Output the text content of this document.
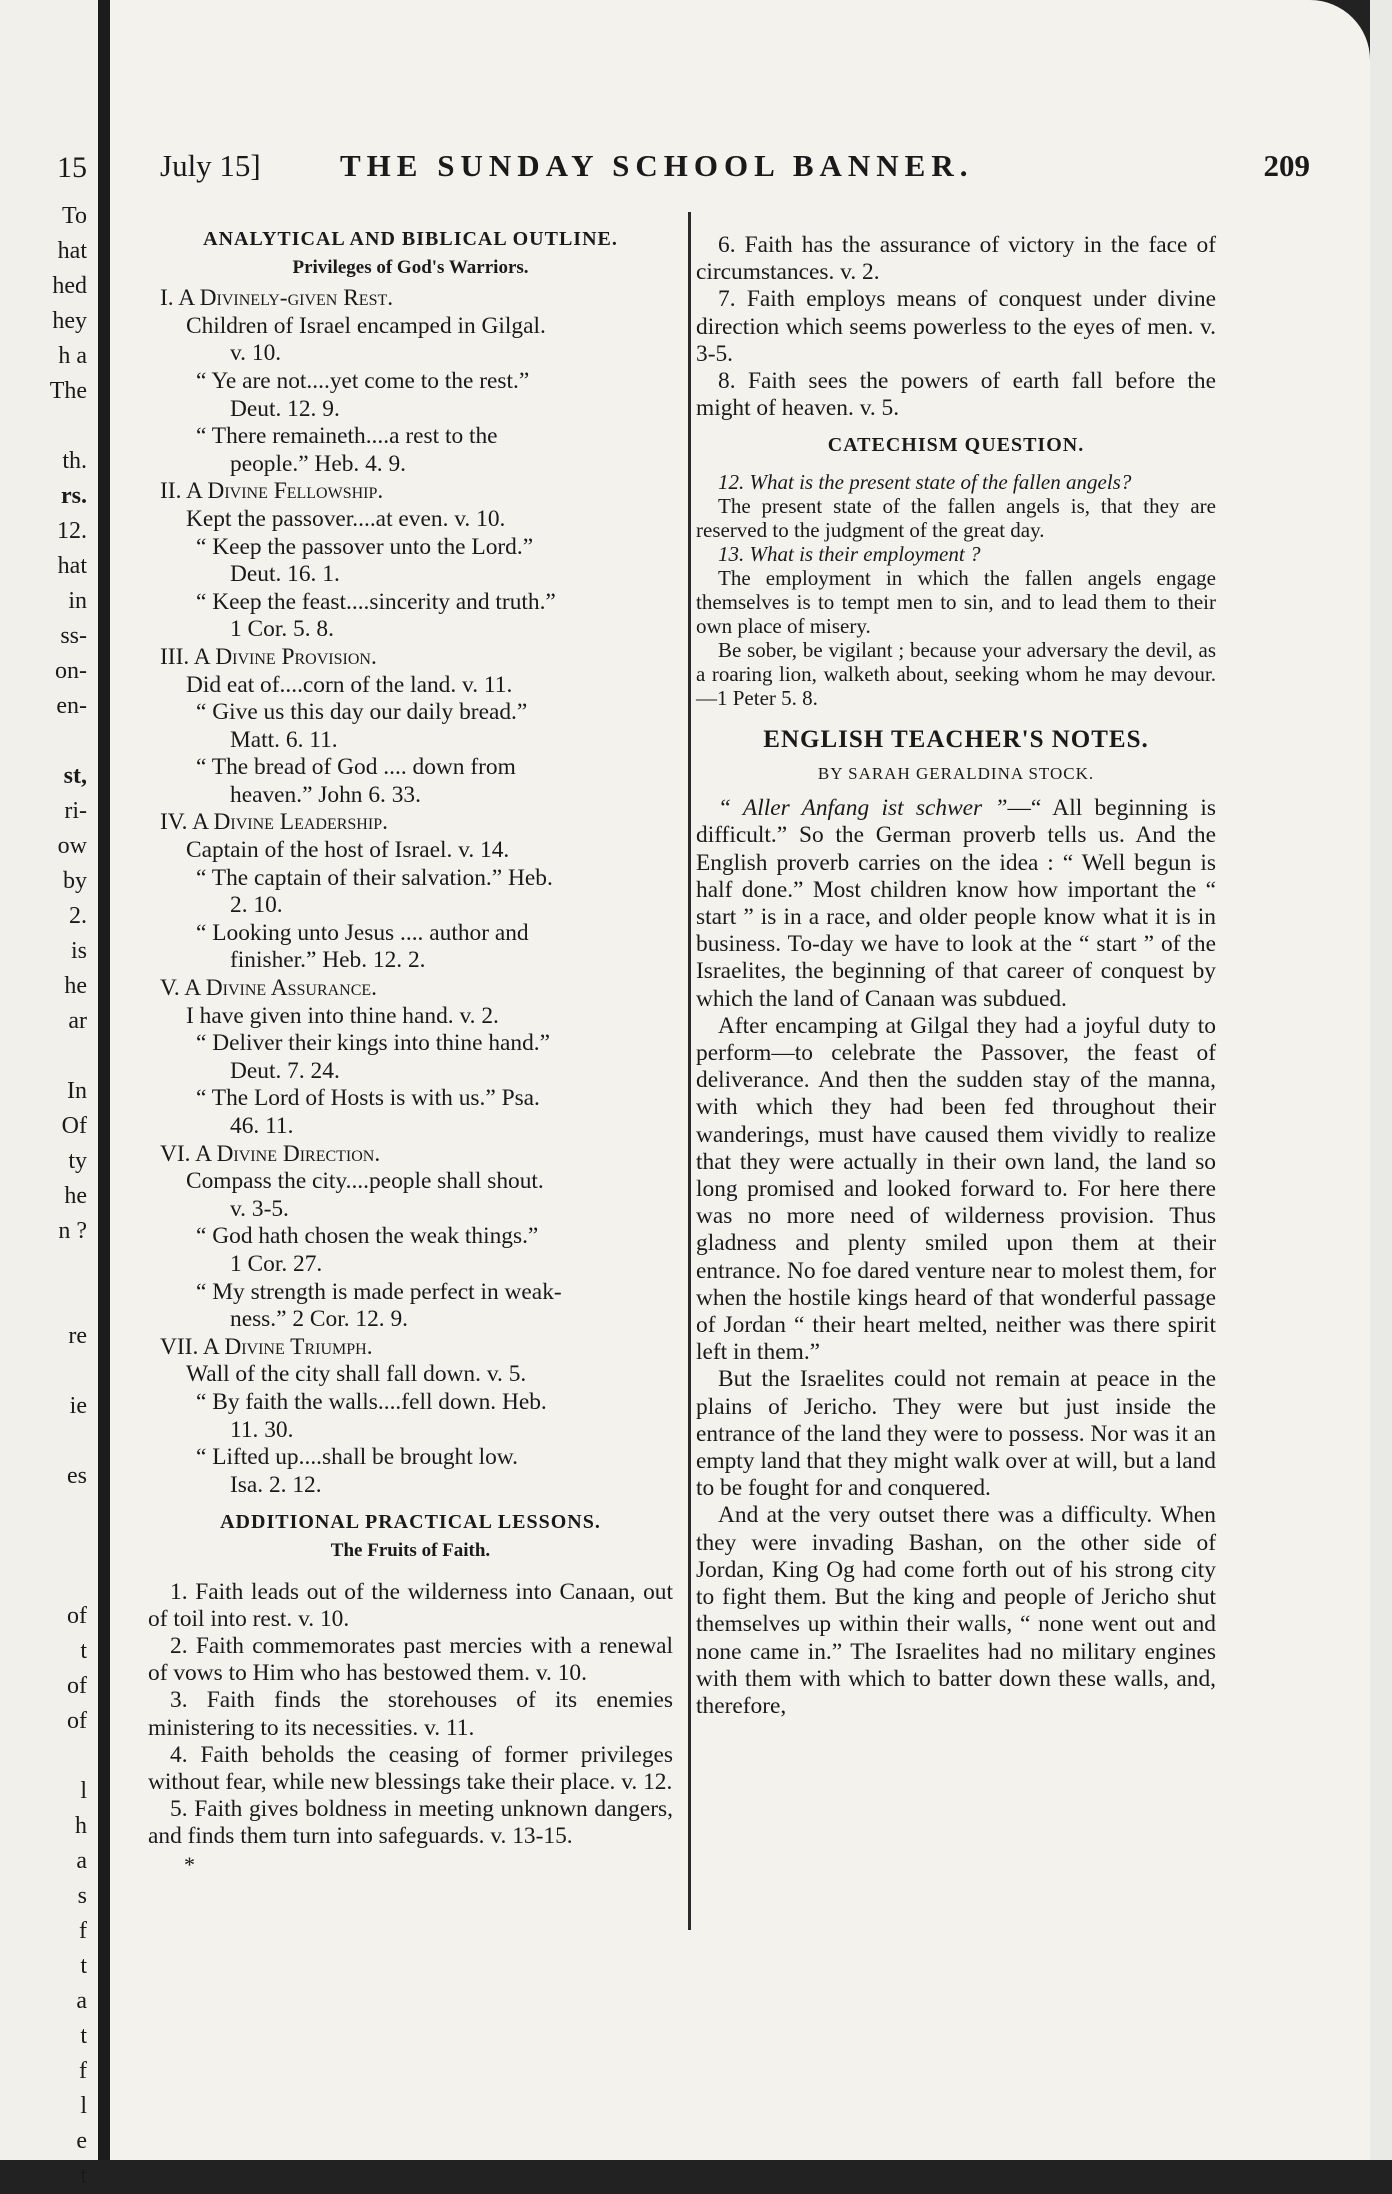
15
To
hat
hed
hey
h a
The

th.
rs.
12.
hat
in
ss-
on-
en-

st,
ri-
ow
by
2.
is
he
ar

In
Of
ty
he
n ?

re

ie

es

of
t
of
of

l
h
a
s
f
t
a
t
f
l
e
t
July 15]	THE SUNDAY SCHOOL BANNER.	209
ANALYTICAL AND BIBLICAL OUTLINE.
Privileges of God's Warriors.
I. A Divinely-given Rest.
Children of Israel encamped in Gilgal.
v. 10.
“ Ye are not....yet come to the rest.”
Deut. 12. 9.
“ There remaineth....a rest to the
people.” Heb. 4. 9.
II. A Divine Fellowship.
Kept the passover....at even. v. 10.
“ Keep the passover unto the Lord.”
Deut. 16. 1.
“ Keep the feast....sincerity and truth.”
1 Cor. 5. 8.
III. A Divine Provision.
Did eat of....corn of the land. v. 11.
“ Give us this day our daily bread.”
Matt. 6. 11.
“ The bread of God .... down from
heaven.” John 6. 33.
IV. A Divine Leadership.
Captain of the host of Israel. v. 14.
“ The captain of their salvation.” Heb.
2. 10.
“ Looking unto Jesus .... author and
finisher.” Heb. 12. 2.
V. A Divine Assurance.
I have given into thine hand. v. 2.
“ Deliver their kings into thine hand.”
Deut. 7. 24.
“ The Lord of Hosts is with us.” Psa.
46. 11.
VI. A Divine Direction.
Compass the city....people shall shout.
v. 3-5.
“ God hath chosen the weak things.”
1 Cor. 27.
“ My strength is made perfect in weak-
ness.” 2 Cor. 12. 9.
VII. A Divine Triumph.
Wall of the city shall fall down. v. 5.
“ By faith the walls....fell down. Heb.
11. 30.
“ Lifted up....shall be brought low.
Isa. 2. 12.
ADDITIONAL PRACTICAL LESSONS.
The Fruits of Faith.
1. Faith leads out of the wilderness into Canaan, out of toil into rest. v. 10.
2. Faith commemorates past mercies with a renewal of vows to Him who has bestowed them. v. 10.
3. Faith finds the storehouses of its enemies ministering to its necessities. v. 11.
4. Faith beholds the ceasing of former privileges without fear, while new blessings take their place. v. 12.
5. Faith gives boldness in meeting unknown dangers, and finds them turn into safeguards. v. 13-15.
*
6. Faith has the assurance of victory in the face of circumstances. v. 2.
7. Faith employs means of conquest under divine direction which seems powerless to the eyes of men. v. 3-5.
8. Faith sees the powers of earth fall before the might of heaven. v. 5.
CATECHISM QUESTION.
12. What is the present state of the fallen angels?
The present state of the fallen angels is, that they are reserved to the judgment of the great day.
13. What is their employment ?
The employment in which the fallen angels engage themselves is to tempt men to sin, and to lead them to their own place of misery.
Be sober, be vigilant ; because your adversary the devil, as a roaring lion, walketh about, seeking whom he may devour.—1 Peter 5. 8.
ENGLISH TEACHER'S NOTES.
BY SARAH GERALDINA STOCK.
“ Aller Anfang ist schwer ”—“ All beginning is difficult.” So the German proverb tells us. And the English proverb carries on the idea : “ Well begun is half done.” Most children know how important the “ start ” is in a race, and older people know what it is in business. To-day we have to look at the “ start ” of the Israelites, the beginning of that career of conquest by which the land of Canaan was subdued.
After encamping at Gilgal they had a joyful duty to perform—to celebrate the Passover, the feast of deliverance. And then the sudden stay of the manna, with which they had been fed throughout their wanderings, must have caused them vividly to realize that they were actually in their own land, the land so long promised and looked forward to. For here there was no more need of wilderness provision. Thus gladness and plenty smiled upon them at their entrance. No foe dared venture near to molest them, for when the hostile kings heard of that wonderful passage of Jordan “ their heart melted, neither was there spirit left in them.”
But the Israelites could not remain at peace in the plains of Jericho. They were but just inside the entrance of the land they were to possess. Nor was it an empty land that they might walk over at will, but a land to be fought for and conquered.
And at the very outset there was a difficulty. When they were invading Bashan, on the other side of Jordan, King Og had come forth out of his strong city to fight them. But the king and people of Jericho shut themselves up within their walls, “ none went out and none came in.” The Israelites had no military engines with them with which to batter down these walls, and, therefore,
